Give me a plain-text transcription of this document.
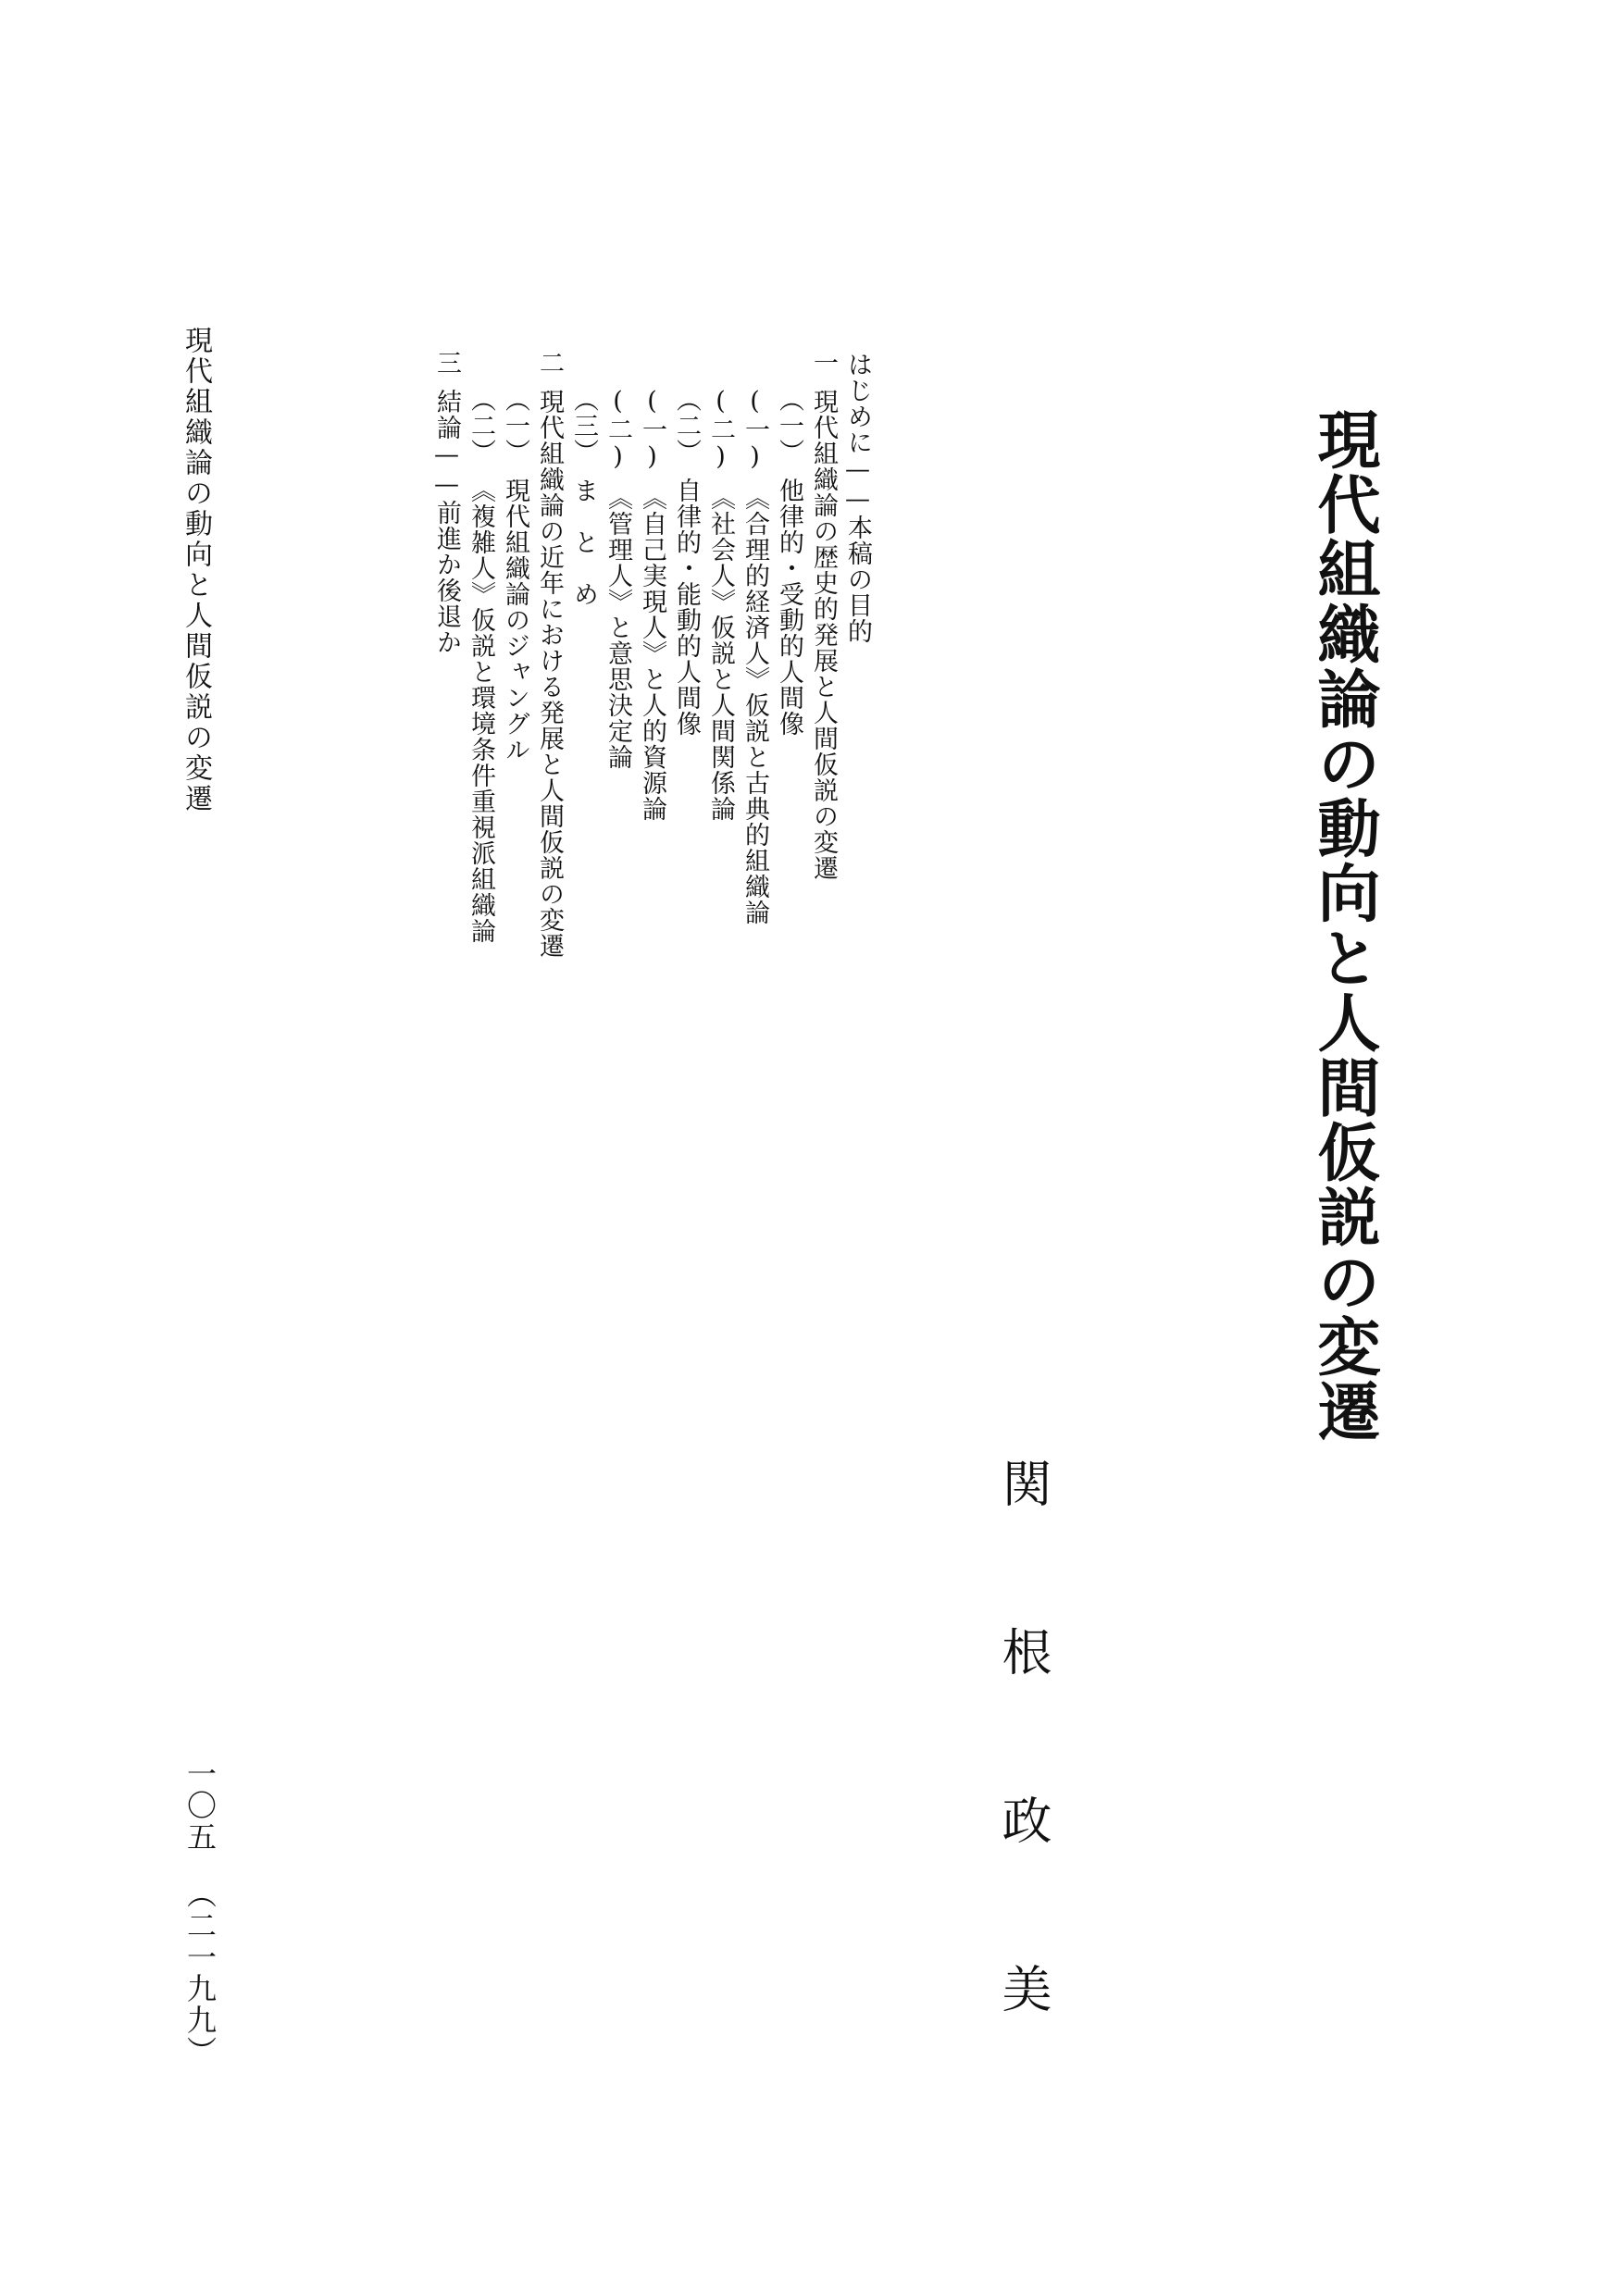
現代組織論の動向と人間仮説の変遷
関根政美
はじめに——本稿の目的
一現代組織論の歴史的発展と人間仮説の変遷
（一）他律的・受動的人間像
(一)《合理的経済人》仮説と古典的組織論
(二)《社会人》仮説と人間関係論
（二）自律的・能動的人間像
(一)《自己実現人》と人的資源論
(二)《管理人》と意思決定論
（三）ま　と　め
二現代組織論の近年における発展と人間仮説の変遷
（一）現代組織論のジャングル
（二）《複雑人》仮説と環境条件重視派組織論
三結論——前進か後退か
現代組織論の動向と人間仮説の変遷
一〇五
（二一九九）
